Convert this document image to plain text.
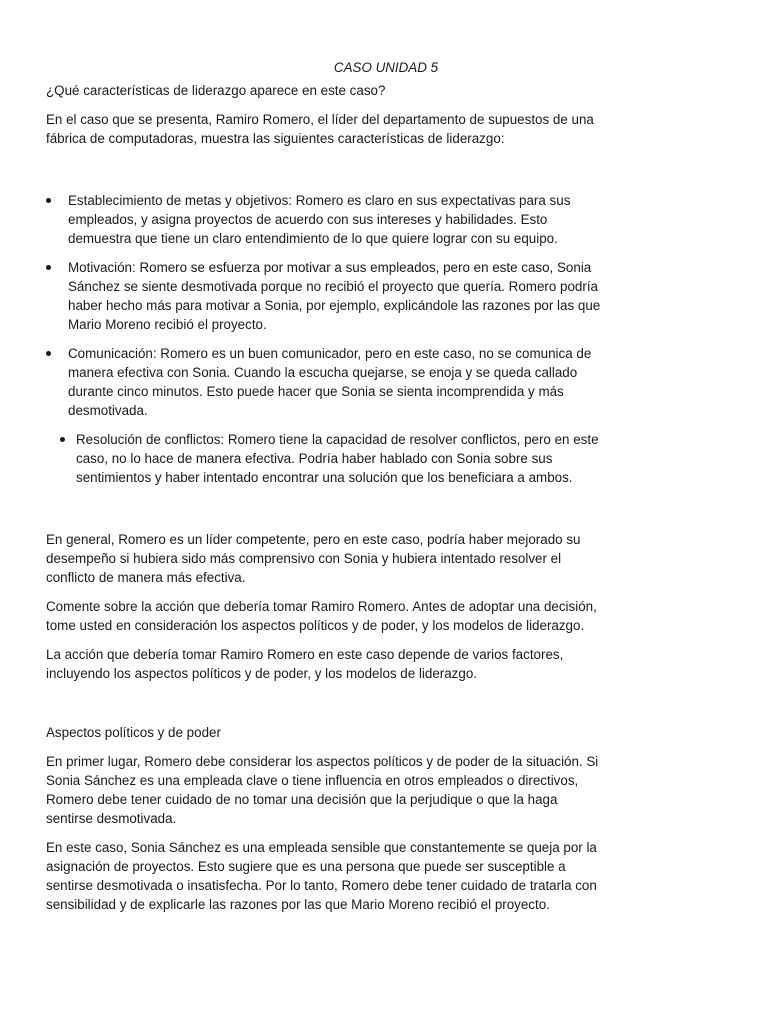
CASO UNIDAD 5

¿Qué características de liderazgo aparece en este caso?

En el caso que se presenta, Ramiro Romero, el líder del departamento de supuestos de una fábrica de computadoras, muestra las siguientes características de liderazgo:

Establecimiento de metas y objetivos: Romero es claro en sus expectativas para sus empleados, y asigna proyectos de acuerdo con sus intereses y habilidades. Esto demuestra que tiene un claro entendimiento de lo que quiere lograr con su equipo.
Motivación: Romero se esfuerza por motivar a sus empleados, pero en este caso, Sonia Sánchez se siente desmotivada porque no recibió el proyecto que quería. Romero podría haber hecho más para motivar a Sonia, por ejemplo, explicándole las razones por las que Mario Moreno recibió el proyecto.
Comunicación: Romero es un buen comunicador, pero en este caso, no se comunica de manera efectiva con Sonia. Cuando la escucha quejarse, se enoja y se queda callado durante cinco minutos. Esto puede hacer que Sonia se sienta incomprendida y más desmotivada.
Resolución de conflictos: Romero tiene la capacidad de resolver conflictos, pero en este caso, no lo hace de manera efectiva. Podría haber hablado con Sonia sobre sus sentimientos y haber intentado encontrar una solución que los beneficiara a ambos.

En general, Romero es un líder competente, pero en este caso, podría haber mejorado su desempeño si hubiera sido más comprensivo con Sonia y hubiera intentado resolver el conflicto de manera más efectiva.

Comente sobre la acción que debería tomar Ramiro Romero. Antes de adoptar una decisión, tome usted en consideración los aspectos políticos y de poder, y los modelos de liderazgo.

La acción que debería tomar Ramiro Romero en este caso depende de varios factores, incluyendo los aspectos políticos y de poder, y los modelos de liderazgo.

Aspectos políticos y de poder

En primer lugar, Romero debe considerar los aspectos políticos y de poder de la situación. Si Sonia Sánchez es una empleada clave o tiene influencia en otros empleados o directivos, Romero debe tener cuidado de no tomar una decisión que la perjudique o que la haga sentirse desmotivada.

En este caso, Sonia Sánchez es una empleada sensible que constantemente se queja por la asignación de proyectos. Esto sugiere que es una persona que puede ser susceptible a sentirse desmotivada o insatisfecha. Por lo tanto, Romero debe tener cuidado de tratarla con sensibilidad y de explicarle las razones por las que Mario Moreno recibió el proyecto.
